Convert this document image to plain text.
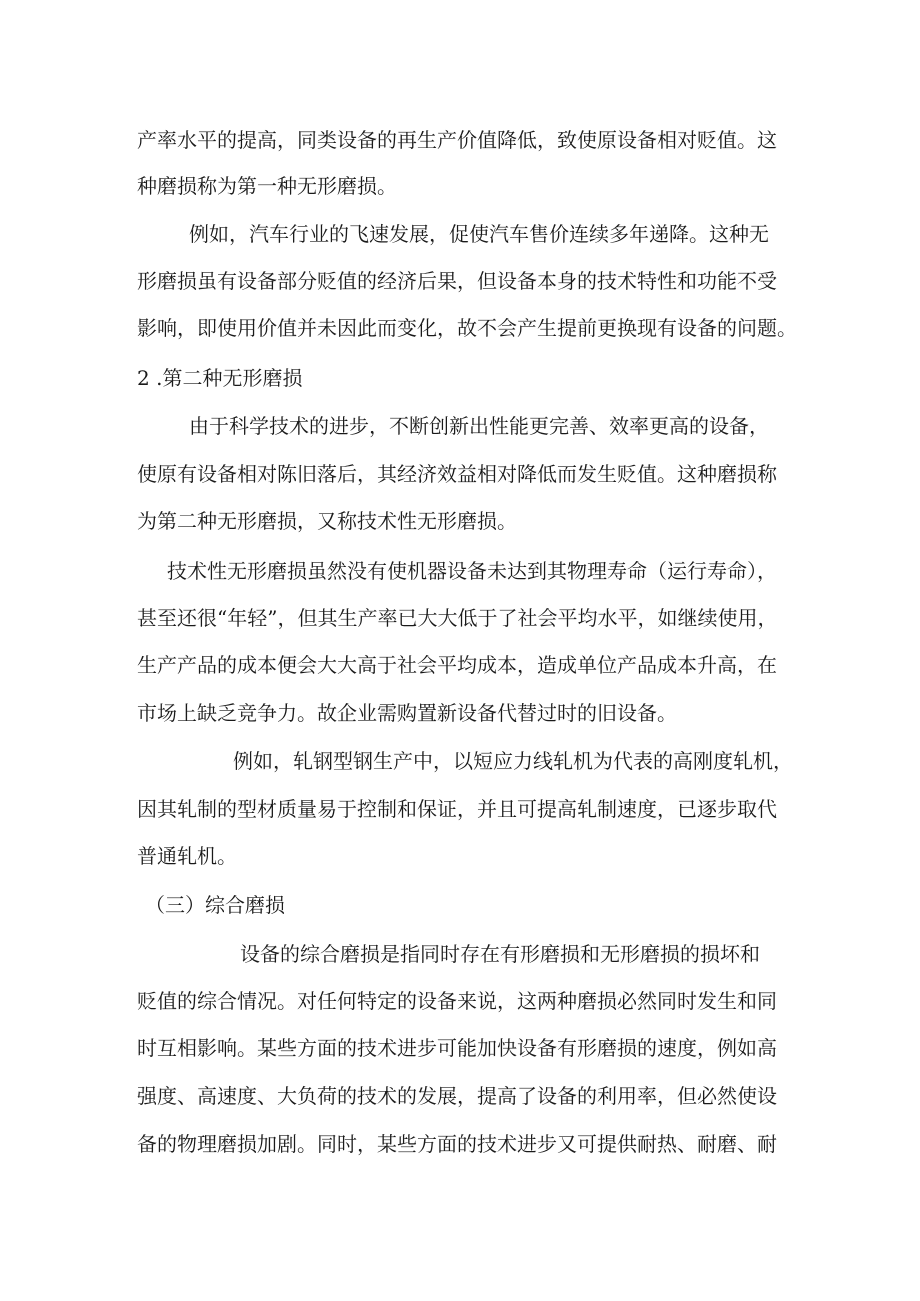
产率水平的提高，同类设备的再生产价值降低，致使原设备相对贬值。这
种磨损称为第一种无形磨损。
例如，汽车行业的飞速发展，促使汽车售价连续多年递降。这种无
形磨损虽有设备部分贬值的经济后果，但设备本身的技术特性和功能不受
影响，即使用价值并未因此而变化，故不会产生提前更换现有设备的问题。
2 .第二种无形磨损
由于科学技术的进步，不断创新出性能更完善、效率更高的设备，
使原有设备相对陈旧落后，其经济效益相对降低而发生贬值。这种磨损称
为第二种无形磨损，又称技术性无形磨损。
技术性无形磨损虽然没有使机器设备未达到其物理寿命（运行寿命），
甚至还很“年轻”，但其生产率已大大低于了社会平均水平，如继续使用，
生产产品的成本便会大大高于社会平均成本，造成单位产品成本升高，在
市场上缺乏竞争力。故企业需购置新设备代替过时的旧设备。
例如，轧钢型钢生产中，以短应力线轧机为代表的高刚度轧机，
因其轧制的型材质量易于控制和保证，并且可提高轧制速度，已逐步取代
普通轧机。
（三）综合磨损
设备的综合磨损是指同时存在有形磨损和无形磨损的损坏和
贬值的综合情况。对任何特定的设备来说，这两种磨损必然同时发生和同
时互相影响。某些方面的技术进步可能加快设备有形磨损的速度，例如高
强度、高速度、大负荷的技术的发展，提高了设备的利用率，但必然使设
备的物理磨损加剧。同时，某些方面的技术进步又可提供耐热、耐磨、耐
